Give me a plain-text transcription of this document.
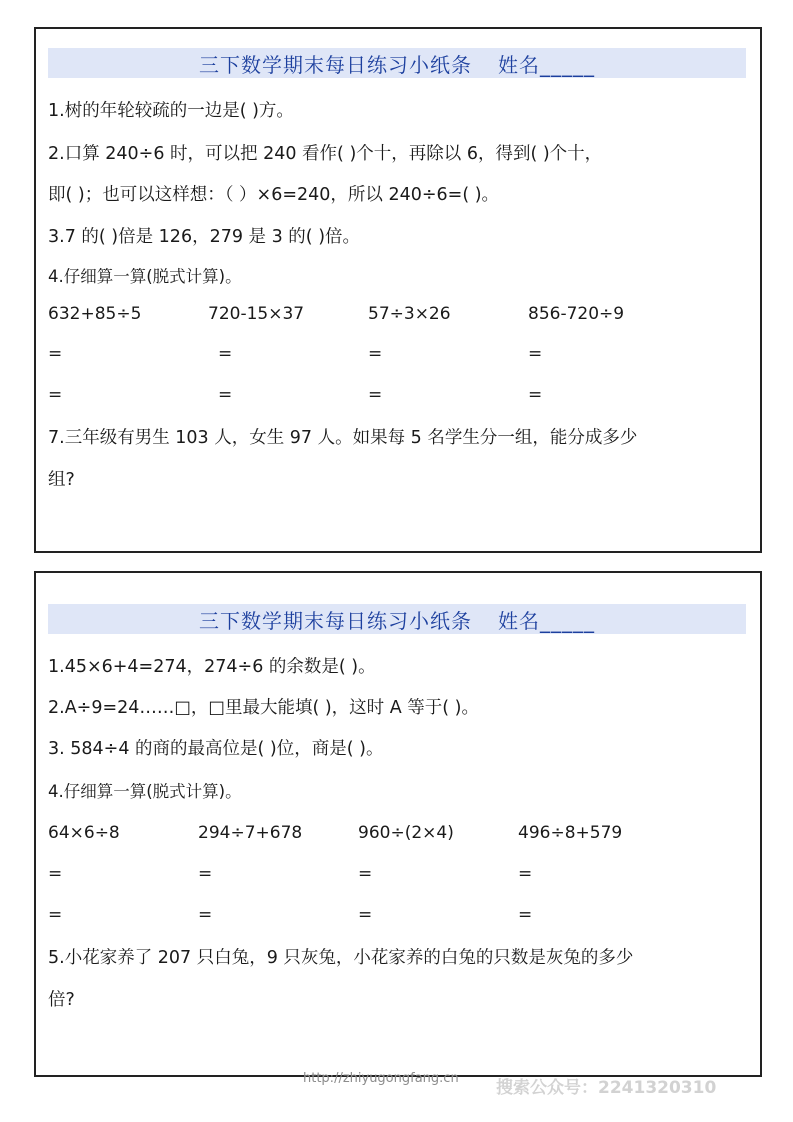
三下数学期末每日练习小纸条 姓名_____
1.树的年轮较疏的一边是( )方。
2.口算 240÷6 时，可以把 240 看作( )个十，再除以 6，得到( )个十，
即( )；也可以这样想：（ ）×6=240，所以 240÷6=( )。
3.7 的( )倍是 126，279 是 3 的( )倍。
4.仔细算一算(脱式计算)。
632+85÷5	720-15×37	57÷3×26	856-720÷9
=	=	=	=
=	=	=	=
7.三年级有男生 103 人，女生 97 人。如果每 5 名学生分一组，能分成多少
组?
三下数学期末每日练习小纸条 姓名_____
1.45×6+4=274，274÷6 的余数是( )。
2.A÷9=24……□，□里最大能填( )，这时 A 等于( )。
3. 584÷4 的商的最高位是( )位，商是( )。
4.仔细算一算(脱式计算)。
64×6÷8	294÷7+678	960÷(2×4)	496÷8+579
=	=	=	=
=	=	=	=
5.小花家养了 207 只白兔，9 只灰兔，小花家养的白兔的只数是灰兔的多少
倍?
http://zhiyugongfang.cn 搜索公众号：2241320310
